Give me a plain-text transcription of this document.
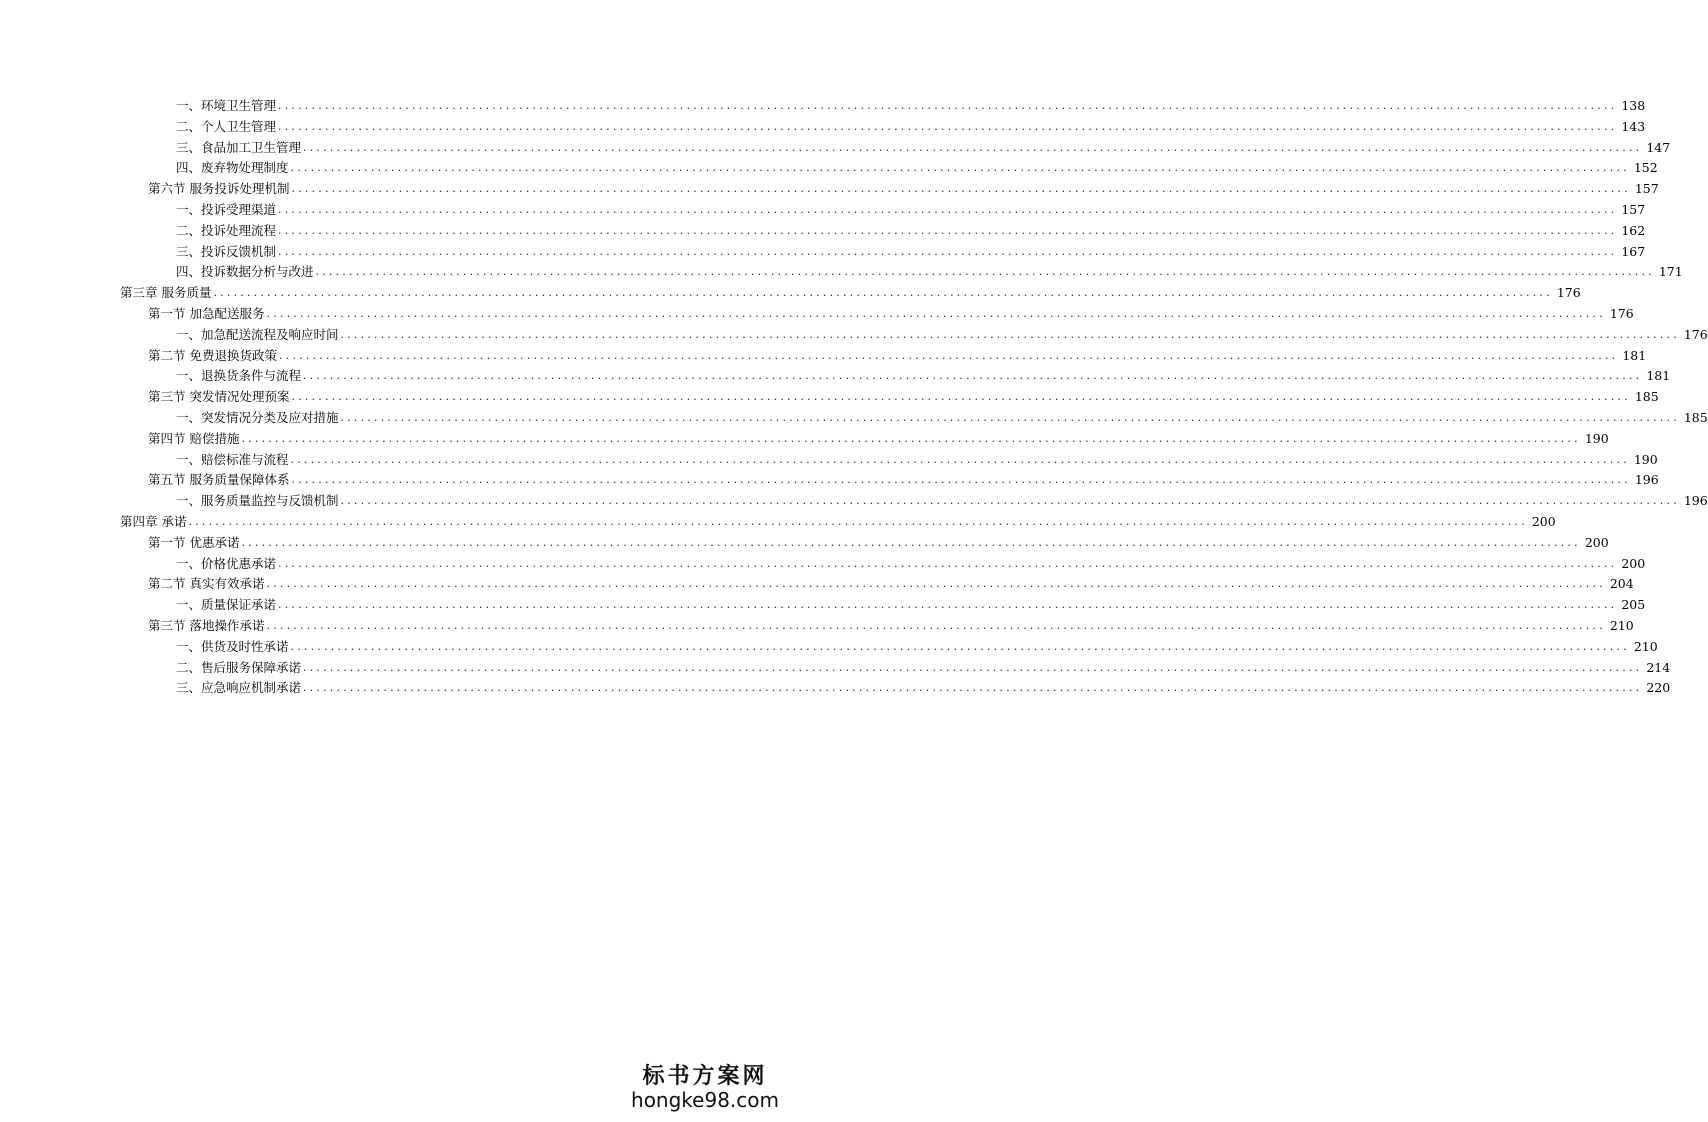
一、环境卫生管理 ........................................................................................................................................................................................................ 138
二、个人卫生管理 ........................................................................................................................................................................................................ 143
三、食品加工卫生管理 ........................................................................................................................................................................................................ 147
四、废弃物处理制度 ........................................................................................................................................................................................................ 152
第六节 服务投诉处理机制 ........................................................................................................................................................................................................ 157
一、投诉受理渠道 ........................................................................................................................................................................................................ 157
二、投诉处理流程 ........................................................................................................................................................................................................ 162
三、投诉反馈机制 ........................................................................................................................................................................................................ 167
四、投诉数据分析与改进 ........................................................................................................................................................................................................ 171
第三章 服务质量 ........................................................................................................................................................................................................ 176
第一节 加急配送服务 ........................................................................................................................................................................................................ 176
一、加急配送流程及响应时间 ........................................................................................................................................................................................................ 176
第二节 免费退换货政策 ........................................................................................................................................................................................................ 181
一、退换货条件与流程 ........................................................................................................................................................................................................ 181
第三节 突发情况处理预案 ........................................................................................................................................................................................................ 185
一、突发情况分类及应对措施 ........................................................................................................................................................................................................ 185
第四节 赔偿措施 ........................................................................................................................................................................................................ 190
一、赔偿标准与流程 ........................................................................................................................................................................................................ 190
第五节 服务质量保障体系 ........................................................................................................................................................................................................ 196
一、服务质量监控与反馈机制 ........................................................................................................................................................................................................ 196
第四章 承诺 ........................................................................................................................................................................................................ 200
第一节 优惠承诺 ........................................................................................................................................................................................................ 200
一、价格优惠承诺 ........................................................................................................................................................................................................ 200
第二节 真实有效承诺 ........................................................................................................................................................................................................ 204
一、质量保证承诺 ........................................................................................................................................................................................................ 205
第三节 落地操作承诺 ........................................................................................................................................................................................................ 210
一、供货及时性承诺 ........................................................................................................................................................................................................ 210
二、售后服务保障承诺 ........................................................................................................................................................................................................ 214
三、应急响应机制承诺 ........................................................................................................................................................................................................ 220
标书方案网
hongke98.com
